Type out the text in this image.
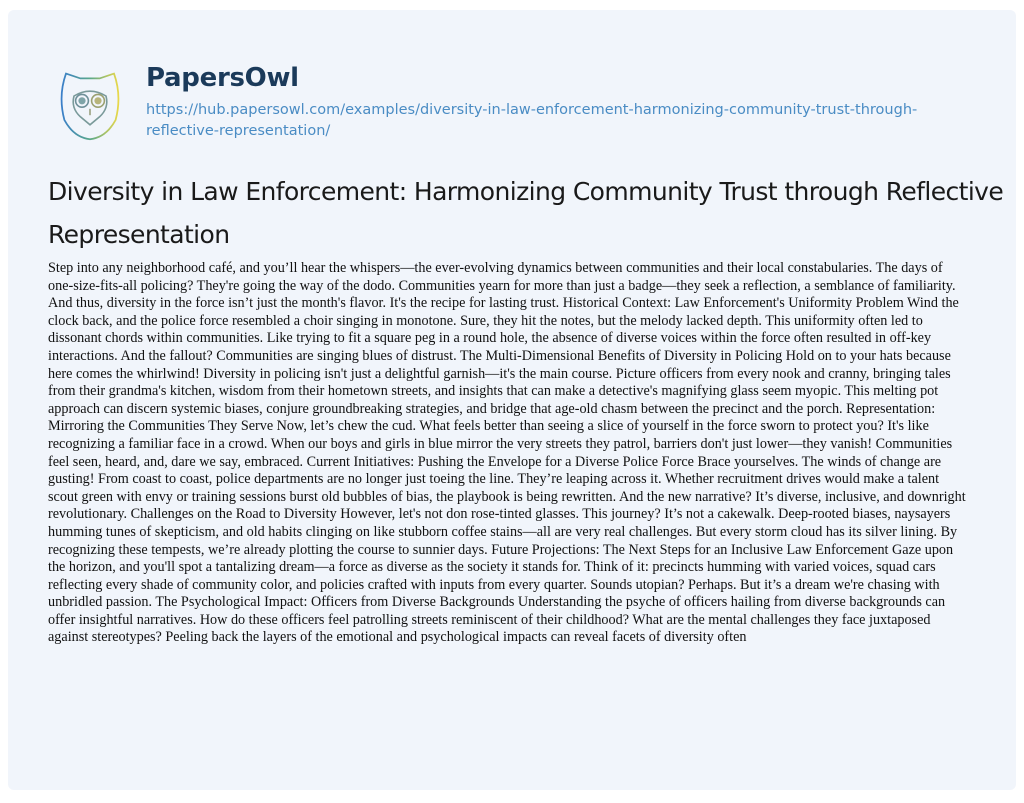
PapersOwl
https://hub.papersowl.com/examples/diversity-in-law-enforcement-harmonizing-community-trust-through-reflective-representation/
Diversity in Law Enforcement: Harmonizing Community Trust through Reflective Representation

Step into any neighborhood café, and you’ll hear the whispers—the ever-evolving dynamics between communities and their local constabularies. The days of one-size-fits-all policing? They're going the way of the dodo. Communities yearn for more than just a badge—they seek a reflection, a semblance of familiarity. And thus, diversity in the force isn’t just the month's flavor. It's the recipe for lasting trust. Historical Context: Law Enforcement's Uniformity Problem Wind the clock back, and the police force resembled a choir singing in monotone. Sure, they hit the notes, but the melody lacked depth. This uniformity often led to dissonant chords within communities. Like trying to fit a square peg in a round hole, the absence of diverse voices within the force often resulted in off-key interactions. And the fallout? Communities are singing blues of distrust. The Multi-Dimensional Benefits of Diversity in Policing Hold on to your hats because here comes the whirlwind! Diversity in policing isn't just a delightful garnish—it's the main course. Picture officers from every nook and cranny, bringing tales from their grandma's kitchen, wisdom from their hometown streets, and insights that can make a detective's magnifying glass seem myopic. This melting pot approach can discern systemic biases, conjure groundbreaking strategies, and bridge that age-old chasm between the precinct and the porch. Representation: Mirroring the Communities They Serve Now, let’s chew the cud. What feels better than seeing a slice of yourself in the force sworn to protect you? It's like recognizing a familiar face in a crowd. When our boys and girls in blue mirror the very streets they patrol, barriers don't just lower—they vanish! Communities feel seen, heard, and, dare we say, embraced. Current Initiatives: Pushing the Envelope for a Diverse Police Force Brace yourselves. The winds of change are gusting! From coast to coast, police departments are no longer just toeing the line. They’re leaping across it. Whether recruitment drives would make a talent scout green with envy or training sessions burst old bubbles of bias, the playbook is being rewritten. And the new narrative? It’s diverse, inclusive, and downright revolutionary. Challenges on the Road to Diversity However, let's not don rose-tinted glasses. This journey? It’s not a cakewalk. Deep-rooted biases, naysayers humming tunes of skepticism, and old habits clinging on like stubborn coffee stains—all are very real challenges. But every storm cloud has its silver lining. By recognizing these tempests, we’re already plotting the course to sunnier days. Future Projections: The Next Steps for an Inclusive Law Enforcement Gaze upon the horizon, and you'll spot a tantalizing dream—a force as diverse as the society it stands for. Think of it: precincts humming with varied voices, squad cars reflecting every shade of community color, and policies crafted with inputs from every quarter. Sounds utopian? Perhaps. But it’s a dream we're chasing with unbridled passion. The Psychological Impact: Officers from Diverse Backgrounds Understanding the psyche of officers hailing from diverse backgrounds can offer insightful narratives. How do these officers feel patrolling streets reminiscent of their childhood? What are the mental challenges they face juxtaposed against stereotypes? Peeling back the layers of the emotional and psychological impacts can reveal facets of diversity often
